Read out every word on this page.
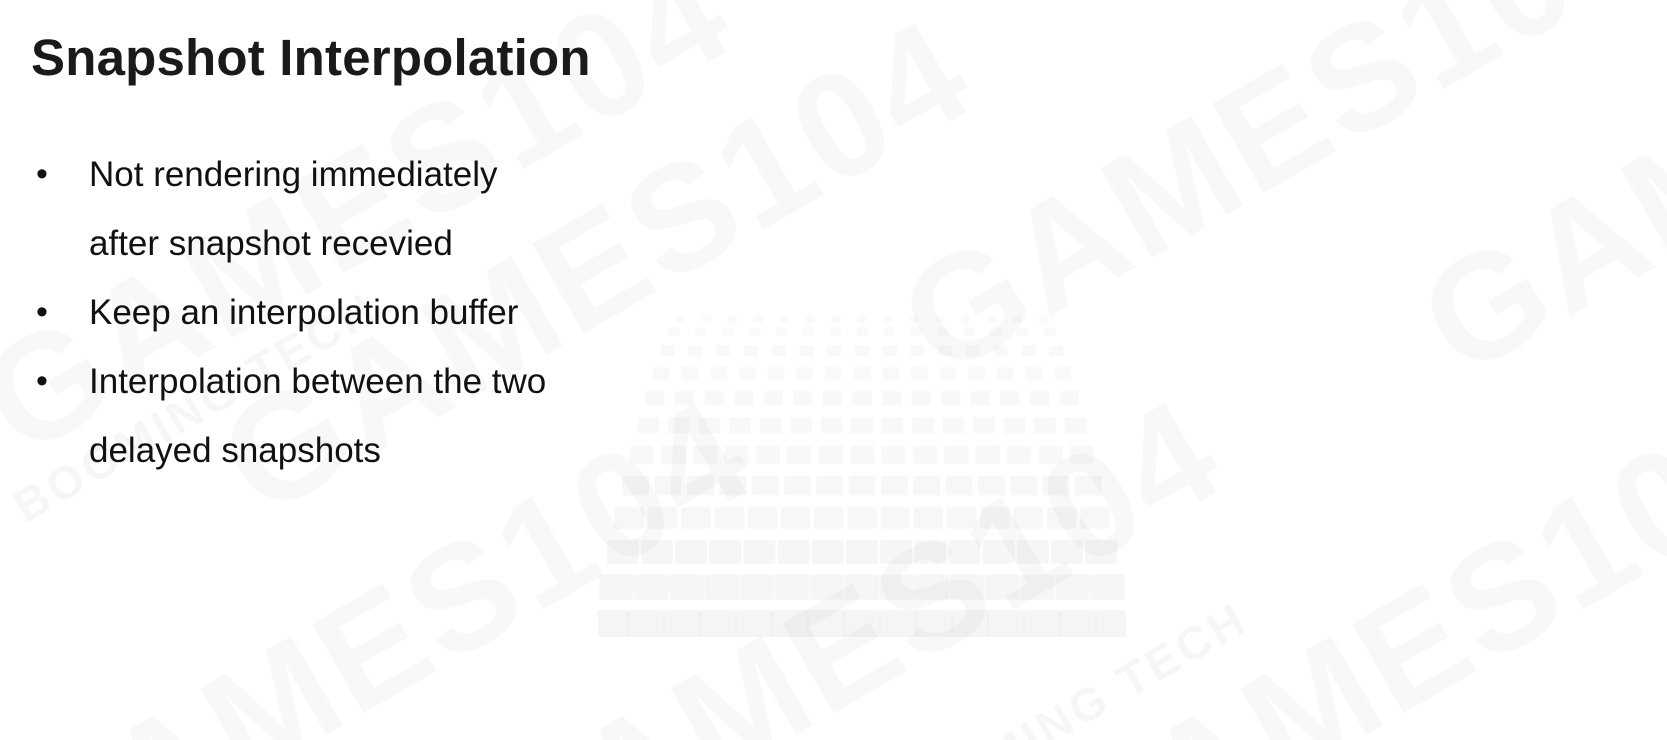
Snapshot Interpolation
•	Not rendering immediately after snapshot recevied
•	Keep an interpolation buffer
•	Interpolation between the two delayed snapshots
